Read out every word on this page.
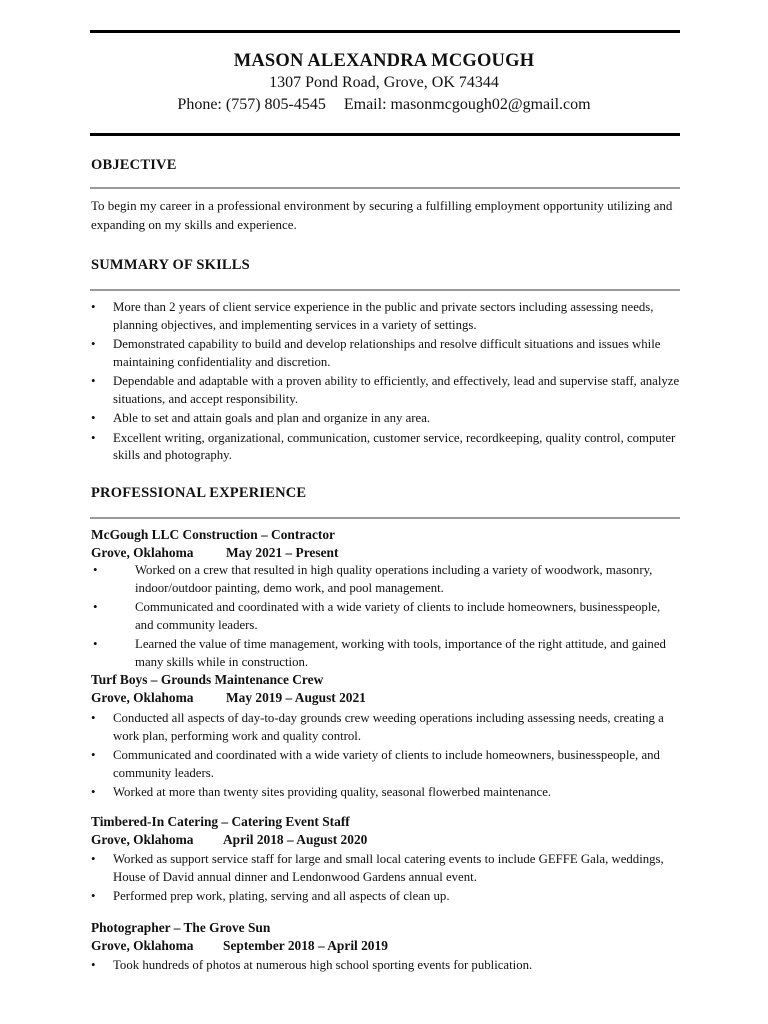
MASON ALEXANDRA MCGOUGH
1307 Pond Road, Grove, OK 74344
Phone: (757) 805-4545 Email: masonmcgough02@gmail.com
OBJECTIVE
To begin my career in a professional environment by securing a fulfilling employment opportunity utilizing and expanding on my skills and experience.
SUMMARY OF SKILLS
• More than 2 years of client service experience in the public and private sectors including assessing needs, planning objectives, and implementing services in a variety of settings.
• Demonstrated capability to build and develop relationships and resolve difficult situations and issues while maintaining confidentiality and discretion.
• Dependable and adaptable with a proven ability to efficiently, and effectively, lead and supervise staff, analyze situations, and accept responsibility.
• Able to set and attain goals and plan and organize in any area.
• Excellent writing, organizational, communication, customer service, recordkeeping, quality control, computer skills and photography.
PROFESSIONAL EXPERIENCE
McGough LLC Construction – Contractor
Grove, Oklahoma May 2021 – Present
•	Worked on a crew that resulted in high quality operations including a variety of woodwork, masonry, indoor/outdoor painting, demo work, and pool management.
•	Communicated and coordinated with a wide variety of clients to include homeowners, businesspeople, and community leaders.
•	Learned the value of time management, working with tools, importance of the right attitude, and gained many skills while in construction.
Turf Boys – Grounds Maintenance Crew
Grove, Oklahoma May 2019 – August 2021
• Conducted all aspects of day-to-day grounds crew weeding operations including assessing needs, creating a work plan, performing work and quality control.
• Communicated and coordinated with a wide variety of clients to include homeowners, businesspeople, and community leaders.
• Worked at more than twenty sites providing quality, seasonal flowerbed maintenance.
Timbered-In Catering – Catering Event Staff
Grove, Oklahoma April 2018 – August 2020
• Worked as support service staff for large and small local catering events to include GEFFE Gala, weddings, House of David annual dinner and Lendonwood Gardens annual event.
• Performed prep work, plating, serving and all aspects of clean up.
Photographer – The Grove Sun
Grove, Oklahoma September 2018 – April 2019
• Took hundreds of photos at numerous high school sporting events for publication.
